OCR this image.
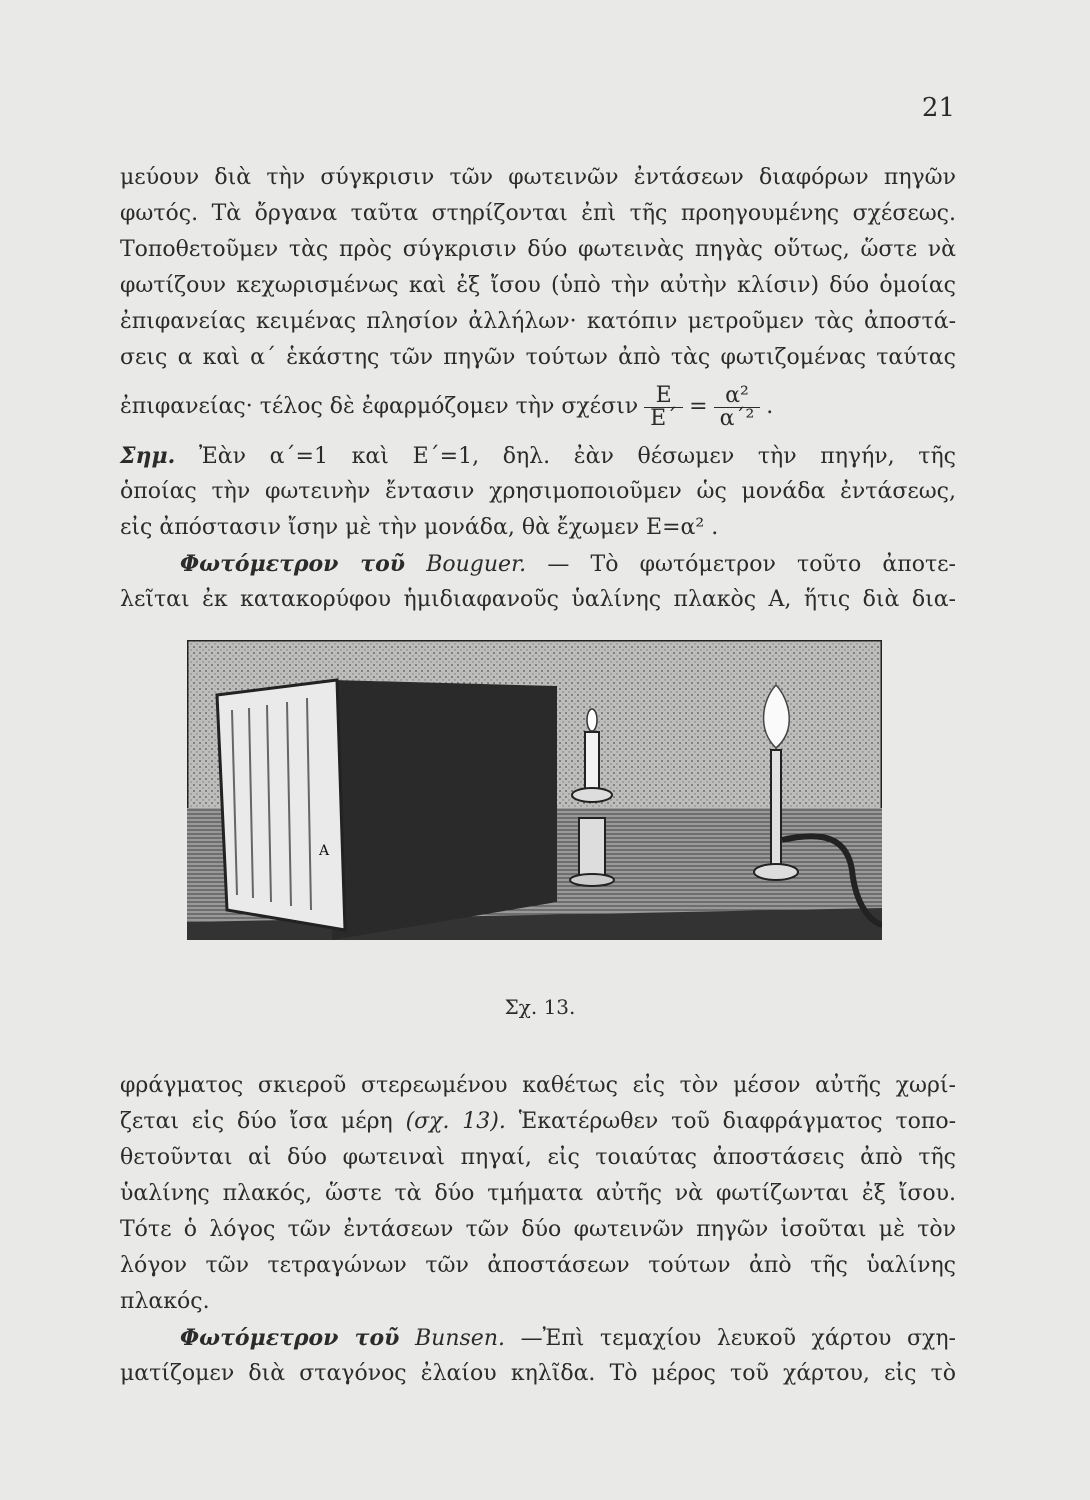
21
μεύουν διὰ τὴν σύγκρισιν τῶν φωτεινῶν ἐντάσεων διαφόρων πηγῶν
φωτός. Τὰ ὄργανα ταῦτα στηρίζονται ἐπὶ τῆς προηγουμένης σχέσεως.
Τοποθετοῦμεν τὰς πρὸς σύγκρισιν δύο φωτεινὰς πηγὰς οὕτως, ὥστε νὰ
φωτίζουν κεχωρισμένως καὶ ἐξ ἴσου (ὑπὸ τὴν αὐτὴν κλίσιν) δύο ὁμοίας
ἐπιφανείας κειμένας πλησίον ἀλλήλων· κατόπιν μετροῦμεν τὰς ἀποστά-
σεις α καὶ α΄ ἑκάστης τῶν πηγῶν τούτων ἀπὸ τὰς φωτιζομένας ταύτας
ἐπιφανείας· τέλος δὲ ἐφαρμόζομεν τὴν σχέσιν $\frac{E}{E΄} = \frac{\text{α²}}{\text{α΄²}}$ .
Σημ. Ἐὰν α΄=1 καὶ E΄=1, δηλ. ἐὰν θέσωμεν τὴν πηγήν, τῆς
ὁποίας τὴν φωτεινὴν ἔντασιν χρησιμοποιοῦμεν ὡς μονάδα ἐντάσεως,
εἰς ἀπόστασιν ἴσην μὲ τὴν μονάδα, θὰ ἔχωμεν E=α² .
Φωτόμετρον τοῦ Bouguer. — Τὸ φωτόμετρον τοῦτο ἀποτε-
λεῖται ἐκ κατακορύφου ἡμιδιαφανοῦς ὑαλίνης πλακὸς A, ἥτις διὰ δια-
A
Σχ. 13.
φράγματος σκιεροῦ στερεωμένου καθέτως εἰς τὸν μέσον αὐτῆς χωρί-
ζεται εἰς δύο ἴσα μέρη (σχ. 13). Ἑκατέρωθεν τοῦ διαφράγματος τοπο-
θετοῦνται αἱ δύο φωτειναὶ πηγαί, εἰς τοιαύτας ἀποστάσεις ἀπὸ τῆς
ὑαλίνης πλακός, ὥστε τὰ δύο τμήματα αὐτῆς νὰ φωτίζωνται ἐξ ἴσου.
Τότε ὁ λόγος τῶν ἐντάσεων τῶν δύο φωτεινῶν πηγῶν ἰσοῦται μὲ τὸν
λόγον τῶν τετραγώνων τῶν ἀποστάσεων τούτων ἀπὸ τῆς ὑαλίνης
πλακός.
Φωτόμετρον τοῦ Bunsen. —Ἐπὶ τεμαχίου λευκοῦ χάρτου σχη-
ματίζομεν διὰ σταγόνος ἐλαίου κηλῖδα. Τὸ μέρος τοῦ χάρτου, εἰς τὸ
